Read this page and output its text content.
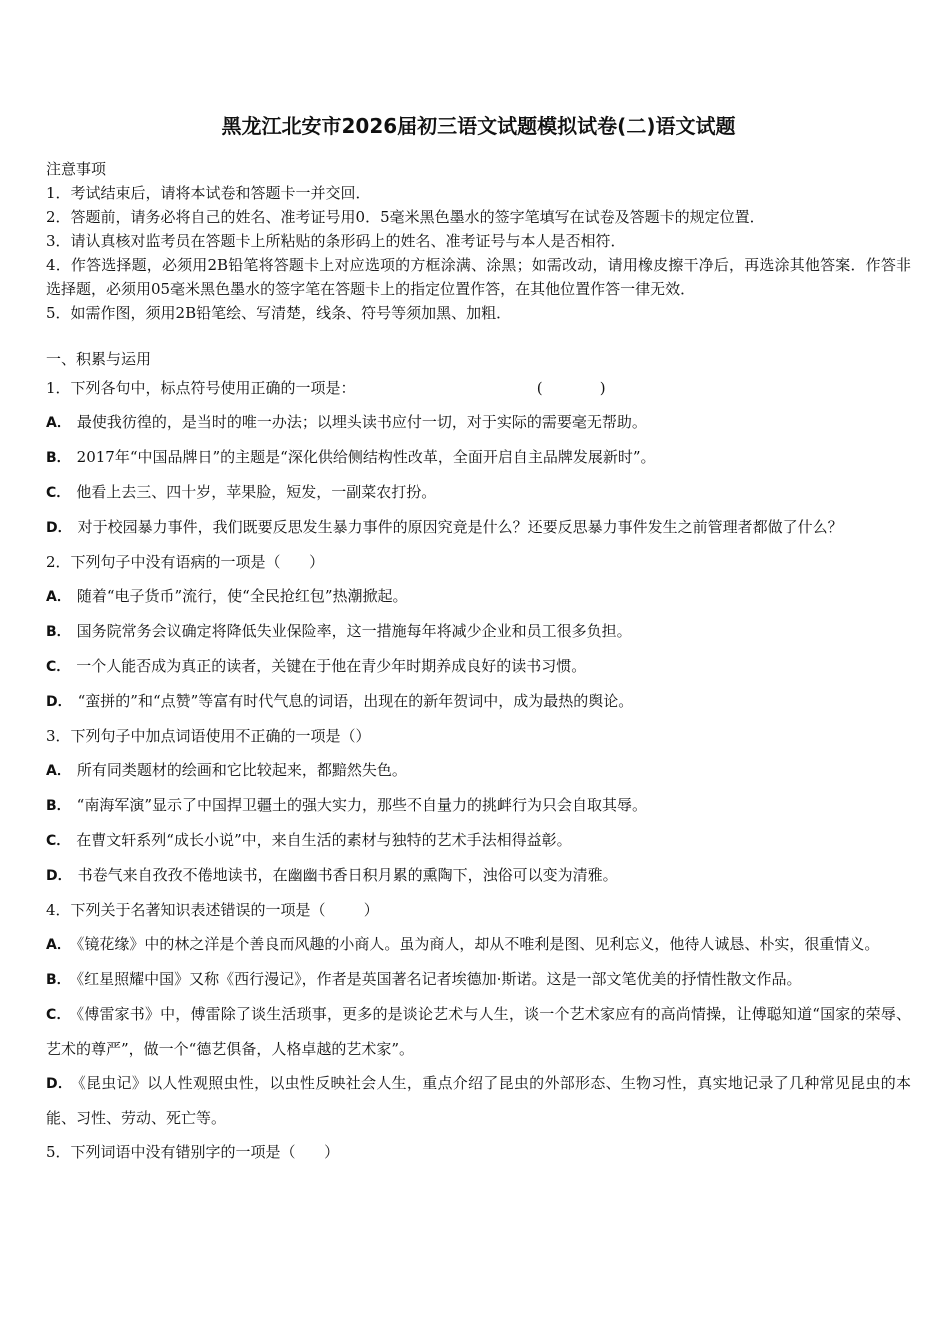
黑龙江北安市2026届初三语文试题模拟试卷(二)语文试题
注意事项
1．考试结束后，请将本试卷和答题卡一并交回．
2．答题前，请务必将自己的姓名、准考证号用0．5毫米黑色墨水的签字笔填写在试卷及答题卡的规定位置．
3．请认真核对监考员在答题卡上所粘贴的条形码上的姓名、准考证号与本人是否相符．
4．作答选择题，必须用2B铅笔将答题卡上对应选项的方框涂满、涂黑；如需改动，请用橡皮擦干净后，再选涂其他答案．作答非选择题，必须用05毫米黑色墨水的签字笔在答题卡上的指定位置作答，在其他位置作答一律无效．
5．如需作图，须用2B铅笔绘、写清楚，线条、符号等须加黑、加粗．
一、积累与运用
1．下列各句中，标点符号使用正确的一项是：                                      (            )
A． 最使我彷徨的，是当时的唯一办法；以埋头读书应付一切，对于实际的需要毫无帮助。
B． 2017年“中国品牌日”的主题是“深化供给侧结构性改革，全面开启自主品牌发展新时”。
C． 他看上去三、四十岁，苹果脸，短发，一副菜农打扮。
D． 对于校园暴力事件，我们既要反思发生暴力事件的原因究竟是什么？还要反思暴力事件发生之前管理者都做了什么？
2．下列句子中没有语病的一项是（      ）
A． 随着“电子货币”流行，使“全民抢红包”热潮掀起。
B． 国务院常务会议确定将降低失业保险率，这一措施每年将减少企业和员工很多负担。
C． 一个人能否成为真正的读者，关键在于他在青少年时期养成良好的读书习惯。
D． “蛮拼的”和“点赞”等富有时代气息的词语，出现在的新年贺词中，成为最热的舆论。
3．下列句子中加点词语使用不正确的一项是（）
A． 所有同类题材的绘画和它比较起来，都黯然失色。
B． “南海军演”显示了中国捍卫疆土的强大实力，那些不自量力的挑衅行为只会自取其辱。
C． 在曹文轩系列“成长小说”中，来自生活的素材与独特的艺术手法相得益彰。
D． 书卷气来自孜孜不倦地读书，在幽幽书香日积月累的熏陶下，浊俗可以变为清雅。
4．下列关于名著知识表述错误的一项是（        ）
A． 《镜花缘》中的林之洋是个善良而风趣的小商人。虽为商人，却从不唯利是图、见利忘义，他待人诚恳、朴实，很重情义。
B． 《红星照耀中国》又称《西行漫记》，作者是英国著名记者埃德加·斯诺。这是一部文笔优美的抒情性散文作品。
C． 《傅雷家书》中，傅雷除了谈生活琐事，更多的是谈论艺术与人生，谈一个艺术家应有的高尚情操，让傅聪知道“国家的荣辱、艺术的尊严”，做一个“德艺俱备，人格卓越的艺术家”。
D． 《昆虫记》以人性观照虫性，以虫性反映社会人生，重点介绍了昆虫的外部形态、生物习性，真实地记录了几种常见昆虫的本能、习性、劳动、死亡等。
5．下列词语中没有错别字的一项是（      ）
